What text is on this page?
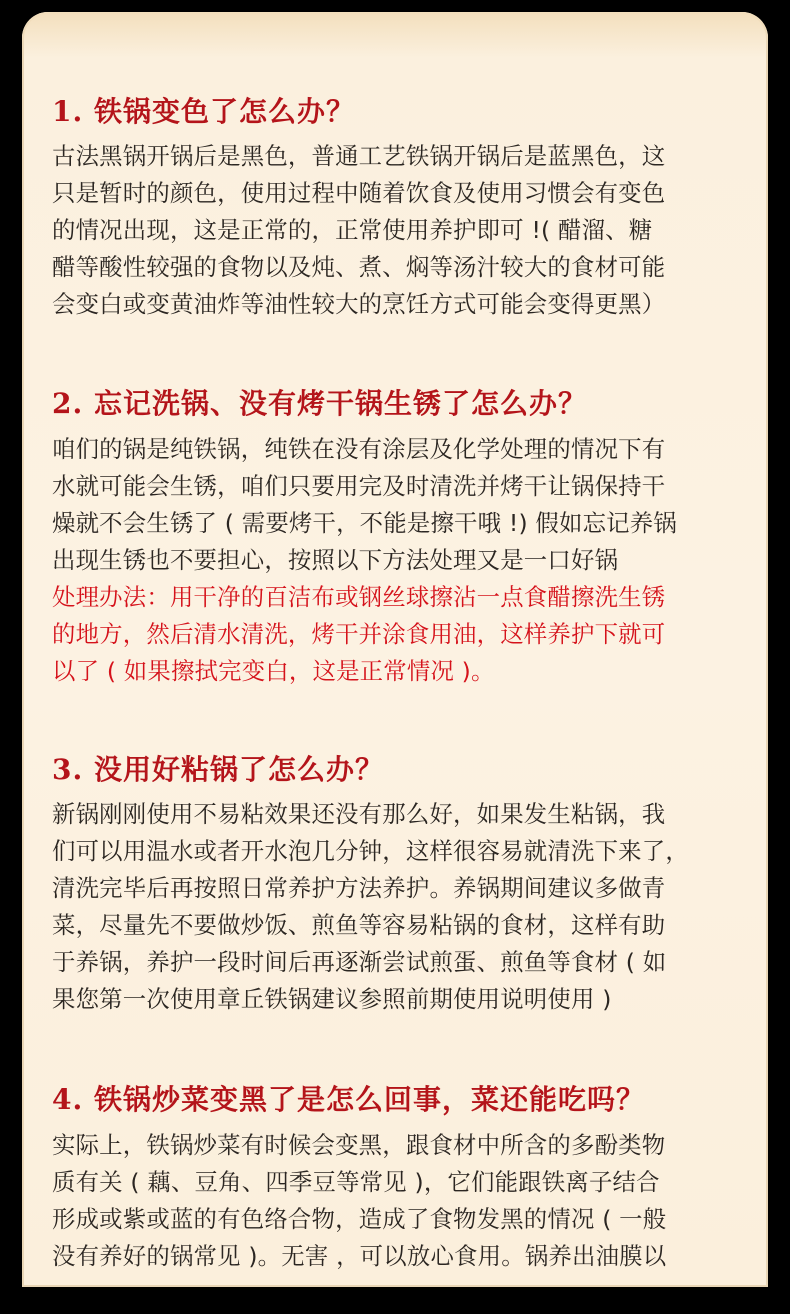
1. 铁锅变色了怎么办？
古法黑锅开锅后是黑色，普通工艺铁锅开锅后是蓝黑色，这
只是暂时的颜色，使用过程中随着饮食及使用习惯会有变色
的情况出现，这是正常的，正常使用养护即可 !( 醋溜、糖
醋等酸性较强的食物以及炖、煮、焖等汤汁较大的食材可能
会变白或变黄油炸等油性较大的烹饪方式可能会变得更黑）
2. 忘记洗锅、没有烤干锅生锈了怎么办？
咱们的锅是纯铁锅，纯铁在没有涂层及化学处理的情况下有
水就可能会生锈，咱们只要用完及时清洗并烤干让锅保持干
燥就不会生锈了 ( 需要烤干，不能是擦干哦 !) 假如忘记养锅
出现生锈也不要担心，按照以下方法处理又是一口好锅
处理办法：用干净的百洁布或钢丝球擦沾一点食醋擦洗生锈
的地方，然后清水清洗，烤干并涂食用油，这样养护下就可
以了 ( 如果擦拭完变白，这是正常情况 )。
3. 没用好粘锅了怎么办？
新锅刚刚使用不易粘效果还没有那么好，如果发生粘锅，我
们可以用温水或者开水泡几分钟，这样很容易就清洗下来了，
清洗完毕后再按照日常养护方法养护。养锅期间建议多做青
菜，尽量先不要做炒饭、煎鱼等容易粘锅的食材，这样有助
于养锅，养护一段时间后再逐渐尝试煎蛋、煎鱼等食材 ( 如
果您第一次使用章丘铁锅建议参照前期使用说明使用 )
4. 铁锅炒菜变黑了是怎么回事，菜还能吃吗？
实际上，铁锅炒菜有时候会变黑，跟食材中所含的多酚类物
质有关 ( 藕、豆角、四季豆等常见 )，它们能跟铁离子结合
形成或紫或蓝的有色络合物，造成了食物发黑的情况 ( 一般
没有养好的锅常见 )。无害 ，可以放心食用。锅养出油膜以
